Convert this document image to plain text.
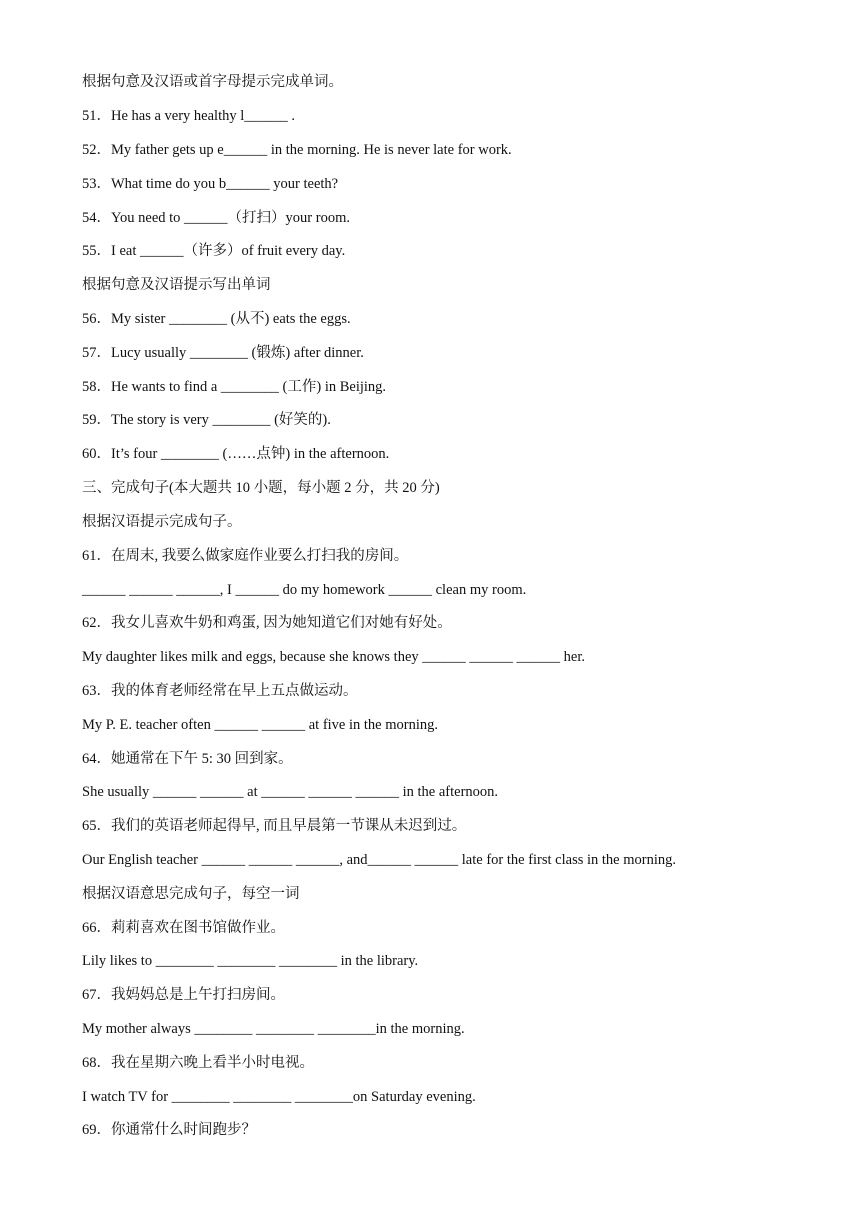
根据句意及汉语或首字母提示完成单词。
51．He has a very healthy l______ .
52．My father gets up e______ in the morning. He is never late for work.
53．What time do you b______ your teeth?
54．You need to ______（打扫）your room.
55．I eat ______（许多）of fruit every day.
根据句意及汉语提示写出单词
56．My sister ________ (从不) eats the eggs.
57．Lucy usually ________ (锻炼) after dinner.
58．He wants to find a ________ (工作) in Beijing.
59．The story is very ________ (好笑的).
60．It’s four ________ (……点钟) in the afternoon.
三、完成句子(本大题共 10 小题，每小题 2 分，共 20 分)
根据汉语提示完成句子。
61．在周末, 我要么做家庭作业要么打扫我的房间。
______ ______ ______, I ______ do my homework ______ clean my room.
62．我女儿喜欢牛奶和鸡蛋, 因为她知道它们对她有好处。
My daughter likes milk and eggs, because she knows they ______ ______ ______ her.
63．我的体育老师经常在早上五点做运动。
My P. E. teacher often ______ ______ at five in the morning.
64．她通常在下午 5: 30 回到家。
She usually ______ ______ at ______ ______ ______ in the afternoon.
65．我们的英语老师起得早, 而且早晨第一节课从未迟到过。
Our English teacher ______ ______ ______, and______ ______ late for the first class in the morning.
根据汉语意思完成句子，每空一词
66．莉莉喜欢在图书馆做作业。
Lily likes to ________ ________ ________ in the library.
67．我妈妈总是上午打扫房间。
My mother always ________ ________ ________in the morning.
68．我在星期六晚上看半小时电视。
I watch TV for ________ ________ ________on Saturday evening.
69．你通常什么时间跑步？
